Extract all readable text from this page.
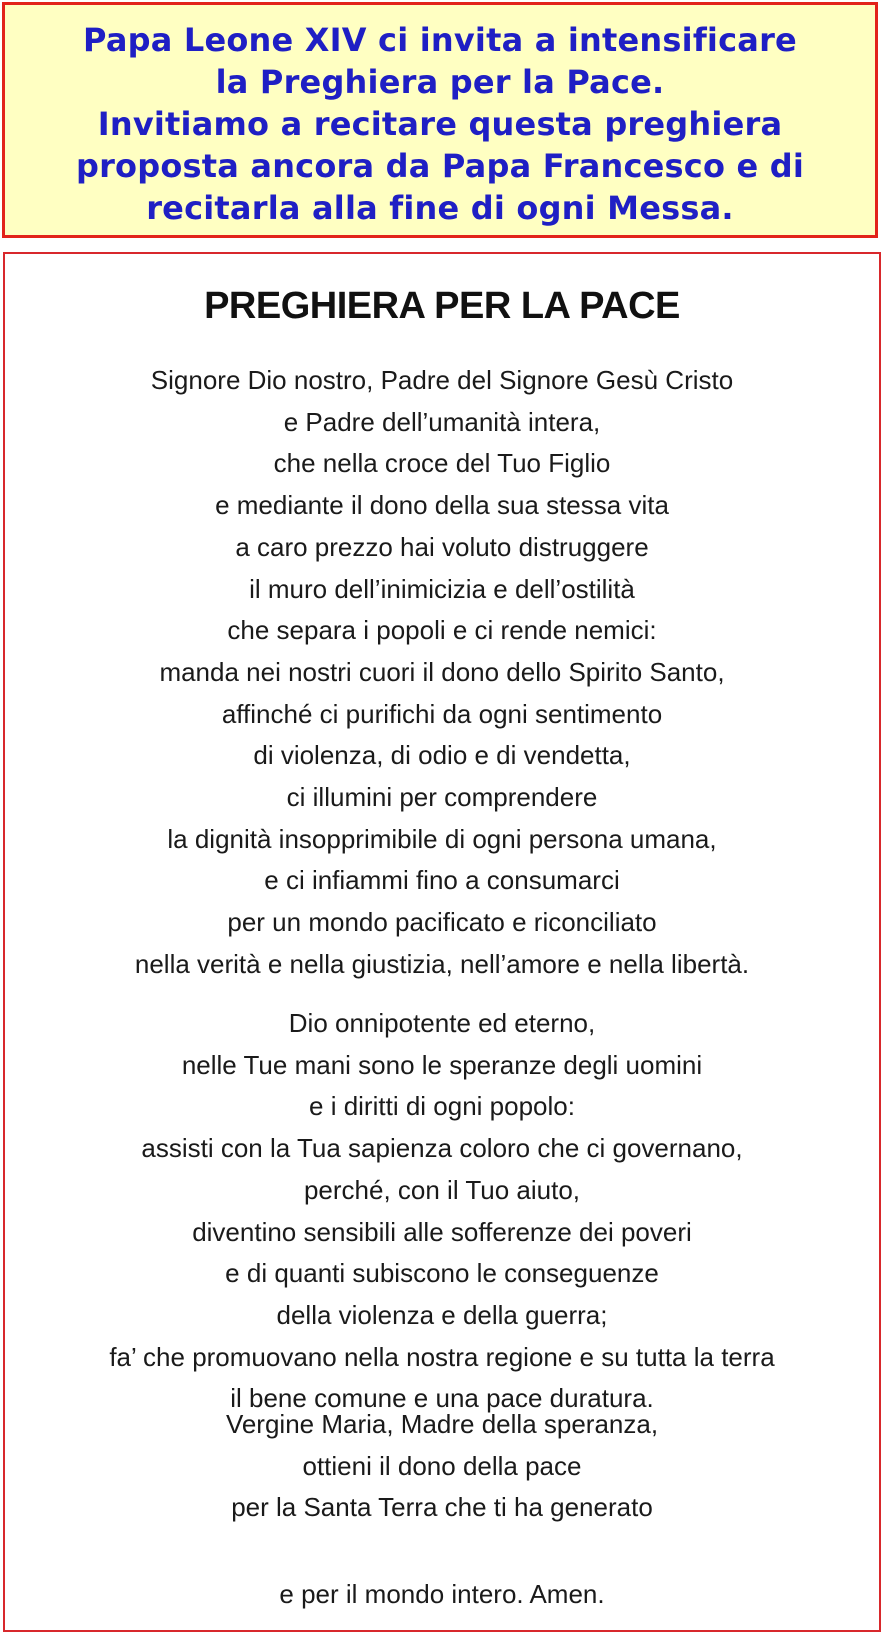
Papa Leone XIV ci invita a intensificare
la Preghiera per la Pace.
Invitiamo a recitare questa preghiera
proposta ancora da Papa Francesco e di
recitarla alla fine di ogni Messa.
PREGHIERA PER LA PACE
Signore Dio nostro, Padre del Signore Gesù Cristo
e Padre dell’umanità intera,
che nella croce del Tuo Figlio
e mediante il dono della sua stessa vita
a caro prezzo hai voluto distruggere
il muro dell’inimicizia e dell’ostilità
che separa i popoli e ci rende nemici:
manda nei nostri cuori il dono dello Spirito Santo,
affinché ci purifichi da ogni sentimento
di violenza, di odio e di vendetta,
ci illumini per comprendere
la dignità insopprimibile di ogni persona umana,
e ci infiammi fino a consumarci
per un mondo pacificato e riconciliato
nella verità e nella giustizia, nell’amore e nella libertà.
Dio onnipotente ed eterno,
nelle Tue mani sono le speranze degli uomini
e i diritti di ogni popolo:
assisti con la Tua sapienza coloro che ci governano,
perché, con il Tuo aiuto,
diventino sensibili alle sofferenze dei poveri
e di quanti subiscono le conseguenze
della violenza e della guerra;
fa’ che promuovano nella nostra regione e su tutta la terra
il bene comune e una pace duratura.
Vergine Maria, Madre della speranza,
ottieni il dono della pace
per la Santa Terra che ti ha generato
e per il mondo intero. Amen.
